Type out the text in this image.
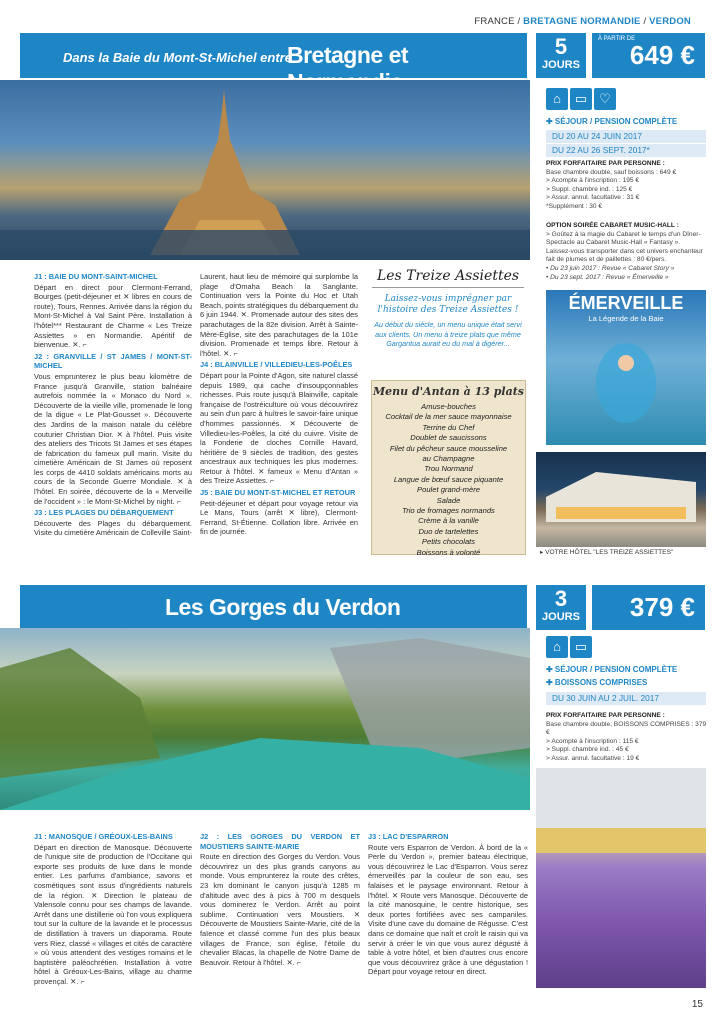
FRANCE / BRETAGNE NORMANDIE / VERDON
Dans la Baie du Mont-St-Michel entre
Bretagne et	5
JOURS
À PARTIR DE
649 €
⌂	▭ ♡
✚ SÉJOUR / PENSION COMPLÈTE
DU 20 AU 24 JUIN 2017
DU 22 AU 26 SEPT. 2017*
PRIX FORFAITAIRE PAR PERSONNE :
Base chambre double, sauf boissons : 649 €
> Acompte à l'inscription : 195 €
> Suppl. chambre ind. : 125 €
> Assur. annul. facultative : 31 €
*Supplément : 30 €
OPTION SOIRÉE CABARET MUSIC-HALL :
> Goûtez à la magie du Cabaret le temps d'un Dîner-Spectacle au Cabaret Music-Hall « Fantasy ».
Laissez-vous transporter dans cet univers enchanteur fait de plumes et de paillettes : 80 €/pers.
• Du 23 juin 2017 : Revue « Cabaret Story »
• Du 23 sept. 2017 : Revue « Émerveille »
ÉMERVEILLE
La Légende de la Baie
J1 : BAIE DU MONT-SAINT-MICHEL

Départ en direct pour Clermont-Ferrand, Bourges (petit-déjeuner et ✕ libres en cours de route), Tours, Rennes. Arrivée dans la région du Mont-St-Michel à Val Saint Père. Installation à l'hôtel*** Restaurant de Charme « Les Treize Assiettes » en Normandie. Apéritif de bienvenue. ✕. ⌐

J2 : GRANVILLE / ST JAMES / MONT-ST-MICHEL

Vous emprunterez le plus beau kilomètre de France jusqu'à Granville, station balnéaire autrefois nommée la « Monaco du Nord ». Découverte de la vieille ville, promenade le long de la digue « Le Plat-Gousset ». Découverte des Jardins de la maison natale du célèbre couturier Christian Dior. ✕ à l'hôtel. Puis visite des ateliers des Tricots St James et ses étapes de fabrication du fameux pull marin. Visite du cimetière Américain de St James où reposent les corps de 4410 soldats américains morts au cours de la Seconde Guerre Mondiale. ✕ à l'hôtel. En soirée, découverte de la « Merveille de l'occident » : le Mont-St-Michel by night. ⌐

J3 : LES PLAGES DU DÉBARQUEMENT

Découverte des Plages du débarquement. Visite du cimetière Américain de Colleville Saint-

Laurent, haut lieu de mémoire qui surplombe la plage d'Omaha Beach la Sanglante. Continuation vers la Pointe du Hoc et Utah Beach, points stratégiques du débarquement du 6 juin 1944. ✕. Promenade autour des sites des parachutages de la 82e division. Arrêt à Sainte-Mère-Église, site des parachutages de la 101e division. Promenade et temps libre. Retour à l'hôtel. ✕. ⌐

J4 : BLAINVILLE / VILLEDIEU-LES-POÊLES

Départ pour la Pointe d'Agon, site naturel classé depuis 1989, qui cache d'insoupçonnables richesses. Puis route jusqu'à Blainville, capitale française de l'ostréiculture où vous découvrirez au sein d'un parc à huîtres le savoir-faire unique d'hommes passionnés. ✕ Découverte de Villedieu-les-Poêles, la cité du cuivre. Visite de la Fonderie de cloches Cornille Havard, héritière de 9 siècles de tradition, des gestes ancestraux aux techniques les plus modernes. Retour à l'hôtel. ✕ fameux « Menu d'Antan » des Treize Assiettes. ⌐

J5 : BAIE DU MONT-ST-MICHEL ET RETOUR

Petit-déjeuner et départ pour voyage retour via Le Mans, Tours (arrêt ✕ libre), Clermont-Ferrand, St-Étienne. Collation libre. Arrivée en fin de journée.

Les Treize Assiettes
Laissez-vous imprégner par l'histoire des Treize Assiettes !
Au début du siècle, un menu unique était servi aux clients. Un menu à treize plats que même Gargantua aurait eu du mal à digérer...
Menu d'Antan à 13 plats
Amuse-bouches
Cocktail de la mer sauce mayonnaise
Terrine du Chef
Doublet de saucissons
Filet du pêcheur sauce mousseline
au Champagne
Trou Normand
Langue de bœuf sauce piquante
Poulet grand-mère
Salade
Trio de fromages normands
Crème à la vanille
Duo de tartelettes
Petits chocolats
Boissons à volonté	▸ VOTRE HÔTEL "LES TREIZE ASSIETTES"
Les Gorges du Verdon	3
JOURS 379 €
⌂	▭
✚ SÉJOUR / PENSION COMPLÈTE
✚ BOISSONS COMPRISES
DU 30 JUIN AU 2 JUIL. 2017
PRIX FORFAITAIRE PAR PERSONNE :
Base chambre double, BOISSONS COMPRISES : 379 €
> Acompte à l'inscription : 115 €
> Suppl. chambre ind. : 45 €
> Assur. annul. facultative : 19 €
J1 : MANOSQUE / GRÉOUX-LES-BAINS

Départ en direction de Manosque. Découverte de l'unique site de production de l'Occitane qui exporte ses produits de luxe dans le monde entier. Les parfums d'ambiance, savons et cosmétiques sont issus d'ingrédients naturels de la région. ✕ Direction le plateau de Valensole connu pour ses champs de lavande. Arrêt dans une distillerie où l'on vous expliquera tout sur la culture de la lavande et le processus de distillation à travers un diaporama. Route vers Riez, classé « villages et cités de caractère » où vous attendent des vestiges romains et le baptistère paléochrétien. Installation à votre hôtel à Gréoux-Les-Bains, village au charme provençal. ✕. ⌐

J2 : LES GORGES DU VERDON ET MOUSTIERS SAINTE-MARIE

Route en direction des Gorges du Verdon. Vous découvrirez un des plus grands canyons au monde. Vous emprunterez la route des crêtes, 23 km dominant le canyon jusqu'à 1285 m d'altitude avec des à pics à 700 m desquels vous dominerez le Verdon. Arrêt au point sublime. Continuation vers Moustiers. ✕ Découverte de Moustiers Sainte-Marie, cité de la faïence et classé comme l'un des plus beaux villages de France, son église, l'étoile du chevalier Blacas, la chapelle de Notre Dame de Beauvoir. Retour à l'hôtel. ✕. ⌐

J3 : LAC D'ESPARRON

Route vers Esparron de Verdon. À bord de la « Perle du Verdon », premier bateau électrique, vous découvrirez le Lac d'Esparron. Vous serez émerveillés par la couleur de son eau, ses falaises et le paysage environnant. Retour à l'hôtel. ✕ Route vers Manosque. Découverte de la cité manosquine, le centre historique, ses deux portes fortifiées avec ses campaniles. Visite d'une cave du domaine de Régusse. C'est dans ce domaine que naît et croît le raisin qui va servir à créer le vin que vous aurez dégusté à table à votre hôtel, et bien d'autres crus encore que vous découvrirez grâce à une dégustation ! Départ pour voyage retour en direct.

15
